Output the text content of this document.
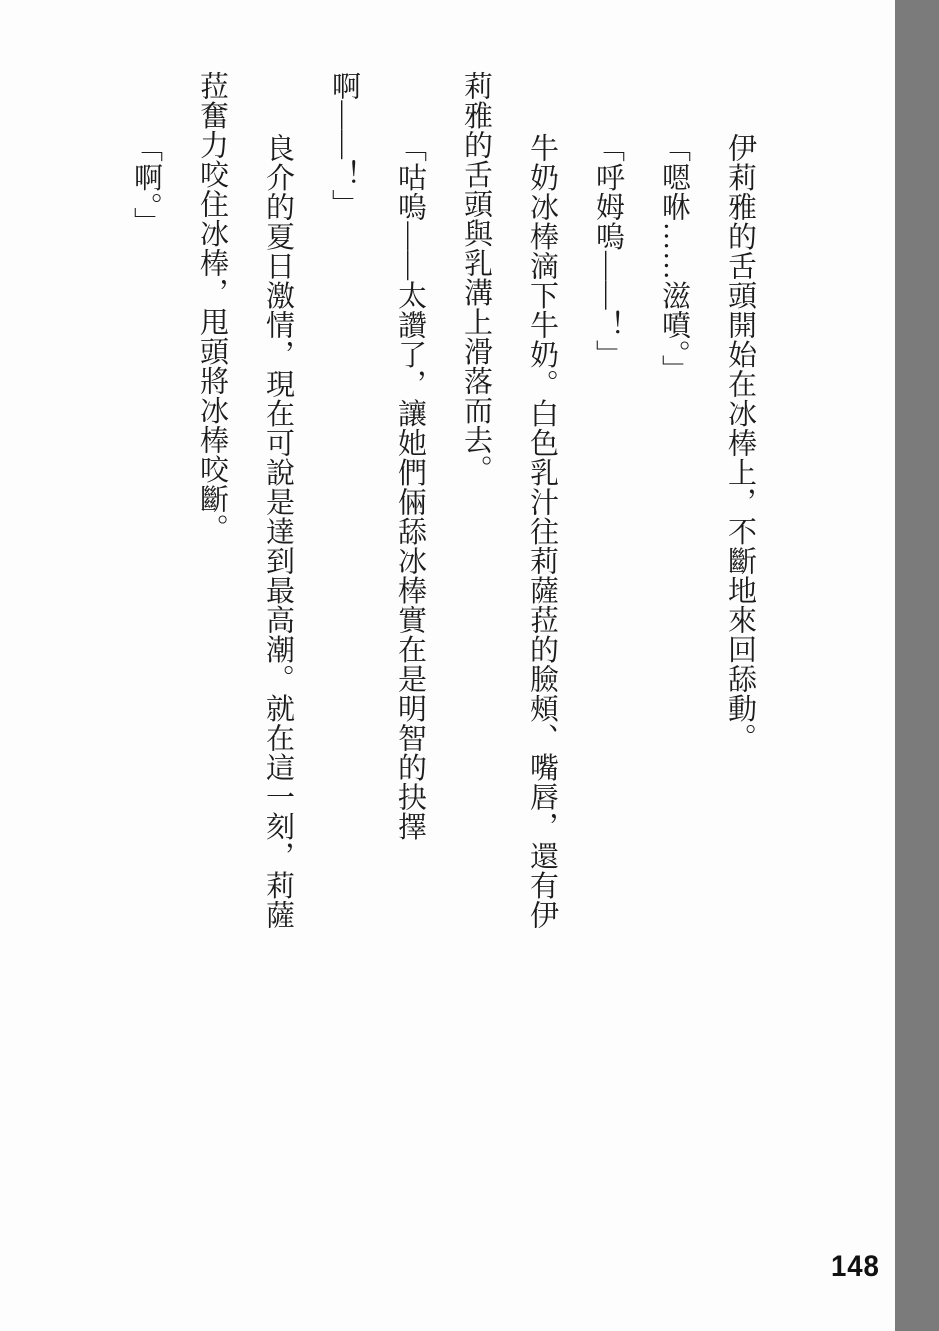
伊莉雅的舌頭開始在冰棒上，不斷地來回舔動。
「嗯咻……滋噴。」
「呼姆嗚——！」
牛奶冰棒滴下牛奶。白色乳汁往莉薩菈的臉頰、嘴唇，還有伊
莉雅的舌頭與乳溝上滑落而去。
「咕嗚——太讚了，讓她們倆舔冰棒實在是明智的抉擇
啊——！」
良介的夏日激情，現在可說是達到最高潮。就在這一刻，莉薩
菈奮力咬住冰棒，甩頭將冰棒咬斷。
「啊。」
148
